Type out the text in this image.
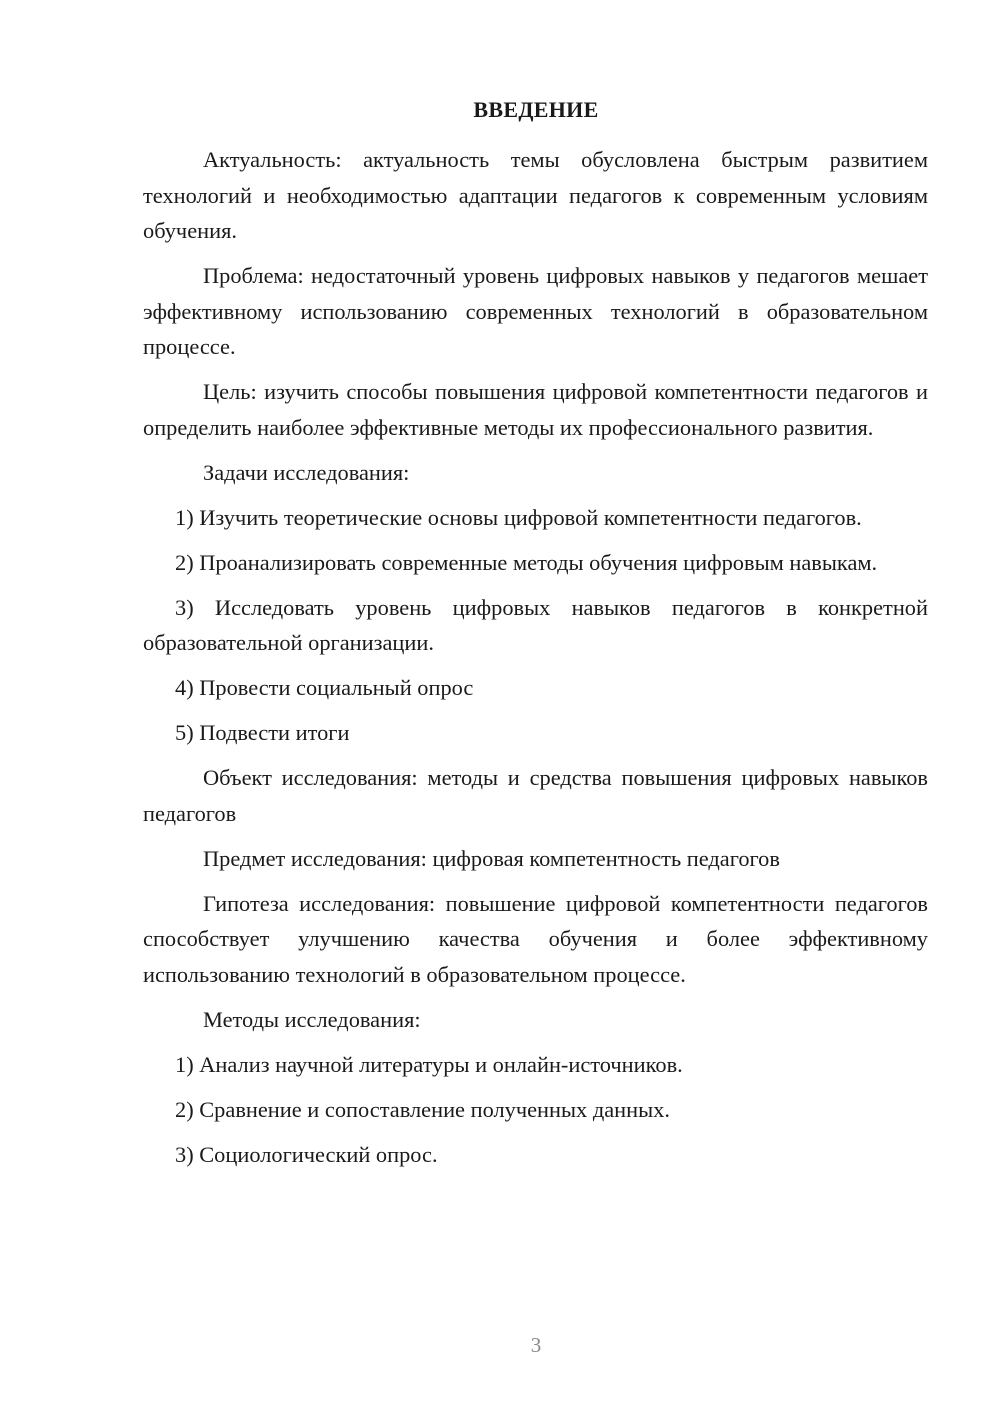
ВВЕДЕНИЕ

Актуальность: актуальность темы обусловлена быстрым развитием технологий и необходимостью адаптации педагогов к современным условиям обучения.

Проблема: недостаточный уровень цифровых навыков у педагогов мешает эффективному использованию современных технологий в образовательном процессе.

Цель: изучить способы повышения цифровой компетентности педагогов и определить наиболее эффективные методы их профессионального развития.

Задачи исследования:

1) Изучить теоретические основы цифровой компетентности педагогов.

2) Проанализировать современные методы обучения цифровым навыкам.

3) Исследовать уровень цифровых навыков педагогов в конкретной образовательной организации.

4) Провести социальный опрос

5) Подвести итоги

Объект исследования: методы и средства повышения цифровых навыков педагогов

Предмет исследования: цифровая компетентность педагогов

Гипотеза исследования: повышение цифровой компетентности педагогов способствует улучшению качества обучения и более эффективному использованию технологий в образовательном процессе.

Методы исследования:

1) Анализ научной литературы и онлайн-источников.

2) Сравнение и сопоставление полученных данных.

3) Социологический опрос.

3
